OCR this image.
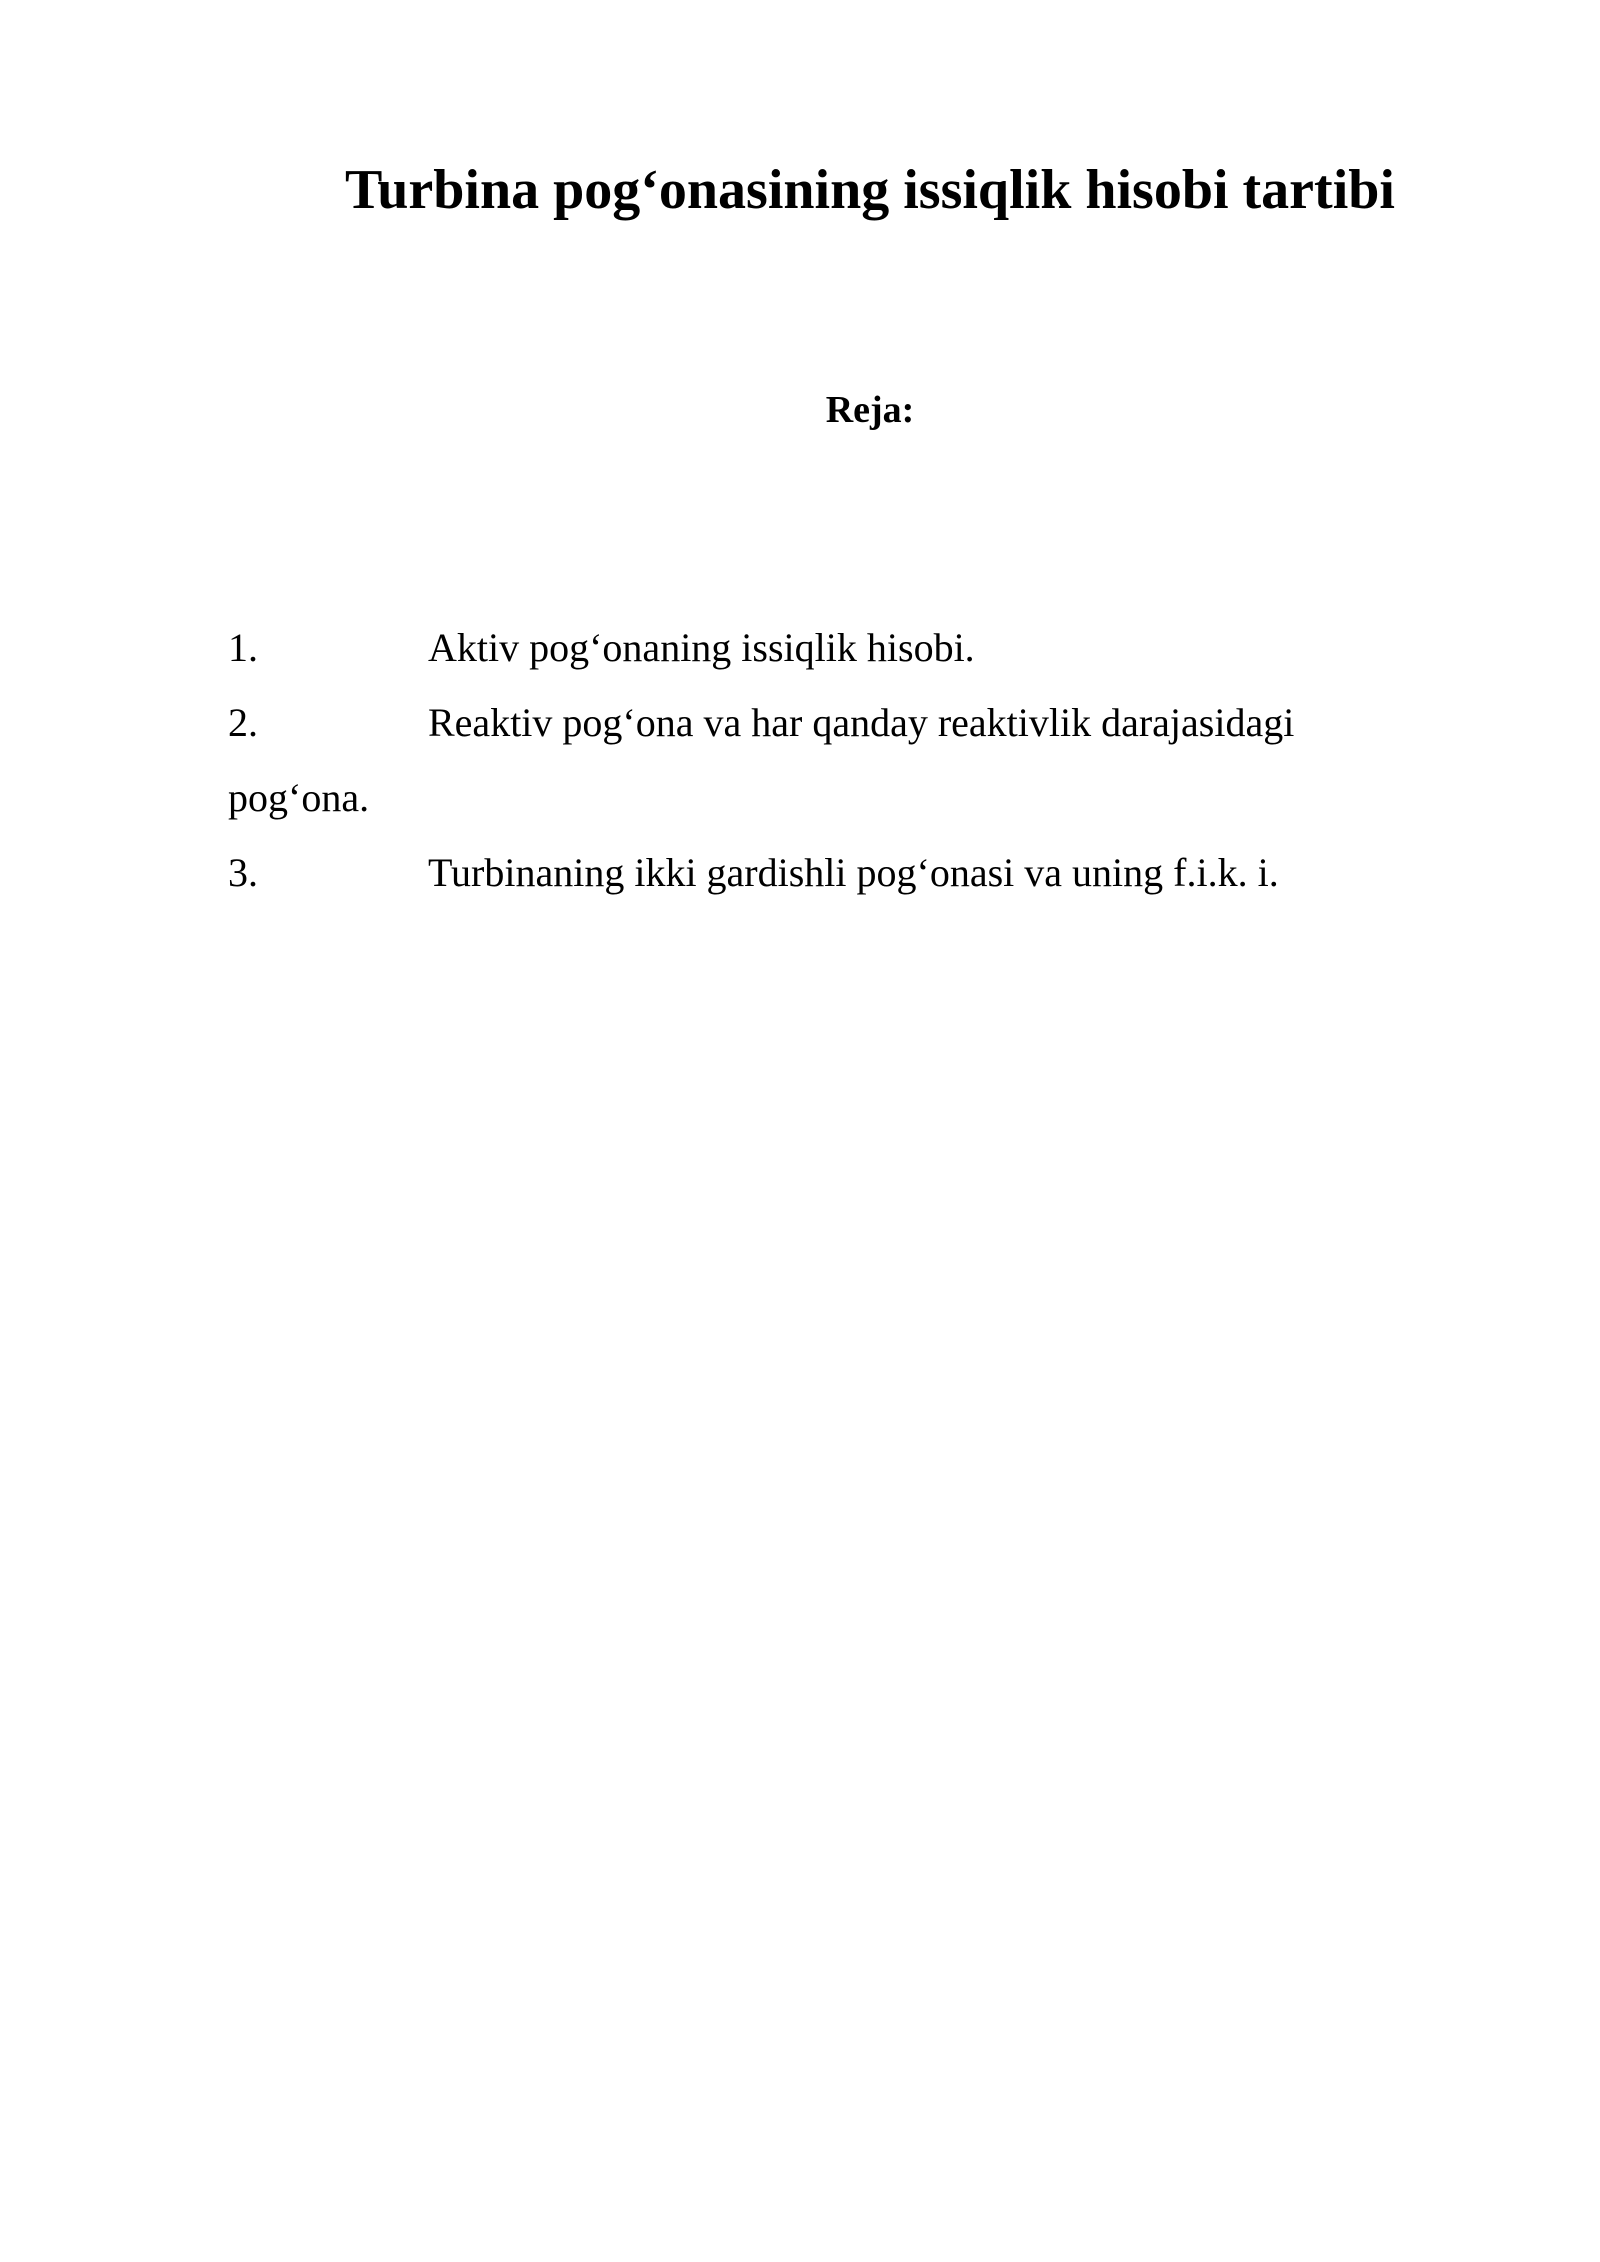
Turbina pog‘onasining issiqlik hisobi tartibi
Reja:
1.	Aktiv pog‘onaning issiqlik hisobi.
2.	Reaktiv pog‘ona va har qanday reaktivlik darajasidagi pog‘ona.
3.	Turbinaning ikki gardishli pog‘onasi va uning f.i.k. i.
